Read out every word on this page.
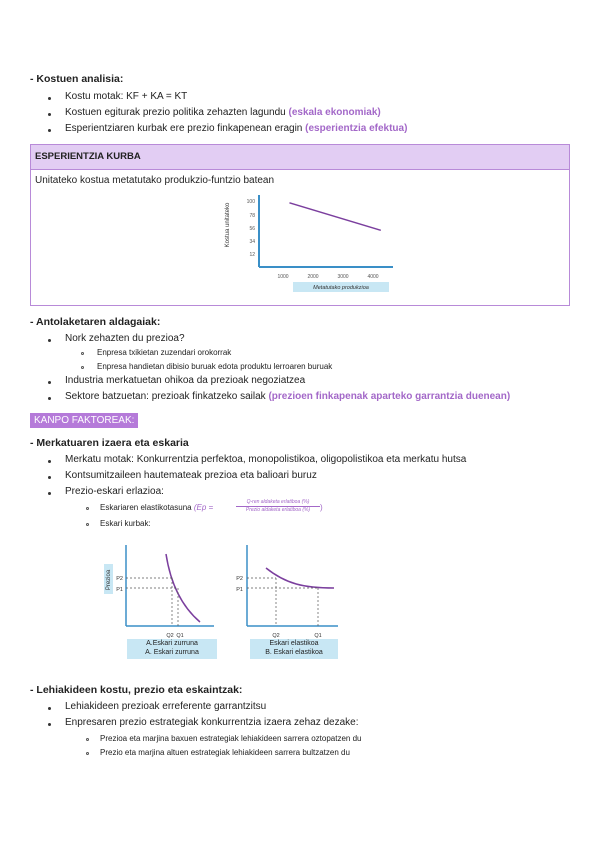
- Kostuen analisia:
Kostu motak: KF + KA = KT
Kostuen egiturak prezio politika zehazten lagundu (eskala ekonomiak)
Esperientziaren kurbak ere prezio finkapenean eragin (esperientzia efektua)
ESPERIENTZIA KURBA
Unitateko kostua metatutako produkzio-funtzio batean
Kostua unitateko
100
78
56
34
12
1000	2000	3000	4000
Metatutako produkzioa
- Antolaketaren aldagaiak:
Nork zehazten du prezioa?
Enpresa txikietan zuzendari orokorrak
Enpresa handietan dibisio buruak edota produktu lerroaren buruak
Industria merkatuetan ohikoa da prezioak negoziatzea
Sektore batzuetan: prezioak finkatzeko sailak (prezioen finkapenak aparteko garrantzia duenean)
KANPO FAKTOREAK:
- Merkatuaren izaera eta eskaria
Merkatu motak: Konkurrentzia perfektoa, monopolistikoa, oligopolistikoa eta merkatu hutsa
Kontsumitzaileen hautemateak prezioa eta balioari buruz
Prezio-eskari erlazioa:
Eskariaren elastikotasuna (Ep =
Q-ren aldaketa erlatiboa (%)
Prezio aldaketa erlatiboa (%)	)
Eskari kurbak:
Prezioa P2
P1
Q2 Q1
A.Eskari zurruna
A. Eskari zurruna
P2
P1
Q2	Q1
Eskari elastikoa
B. Eskari elastikoa
- Lehiakideen kostu, prezio eta eskaintzak:
Lehiakideen prezioak erreferente garrantzitsu
Enpresaren prezio estrategiak konkurrentzia izaera zehaz dezake:
Prezioa eta marjina baxuen estrategiak lehiakideen sarrera oztopatzen du
Prezio eta marjina altuen estrategiak lehiakideen sarrera bultzatzen du
